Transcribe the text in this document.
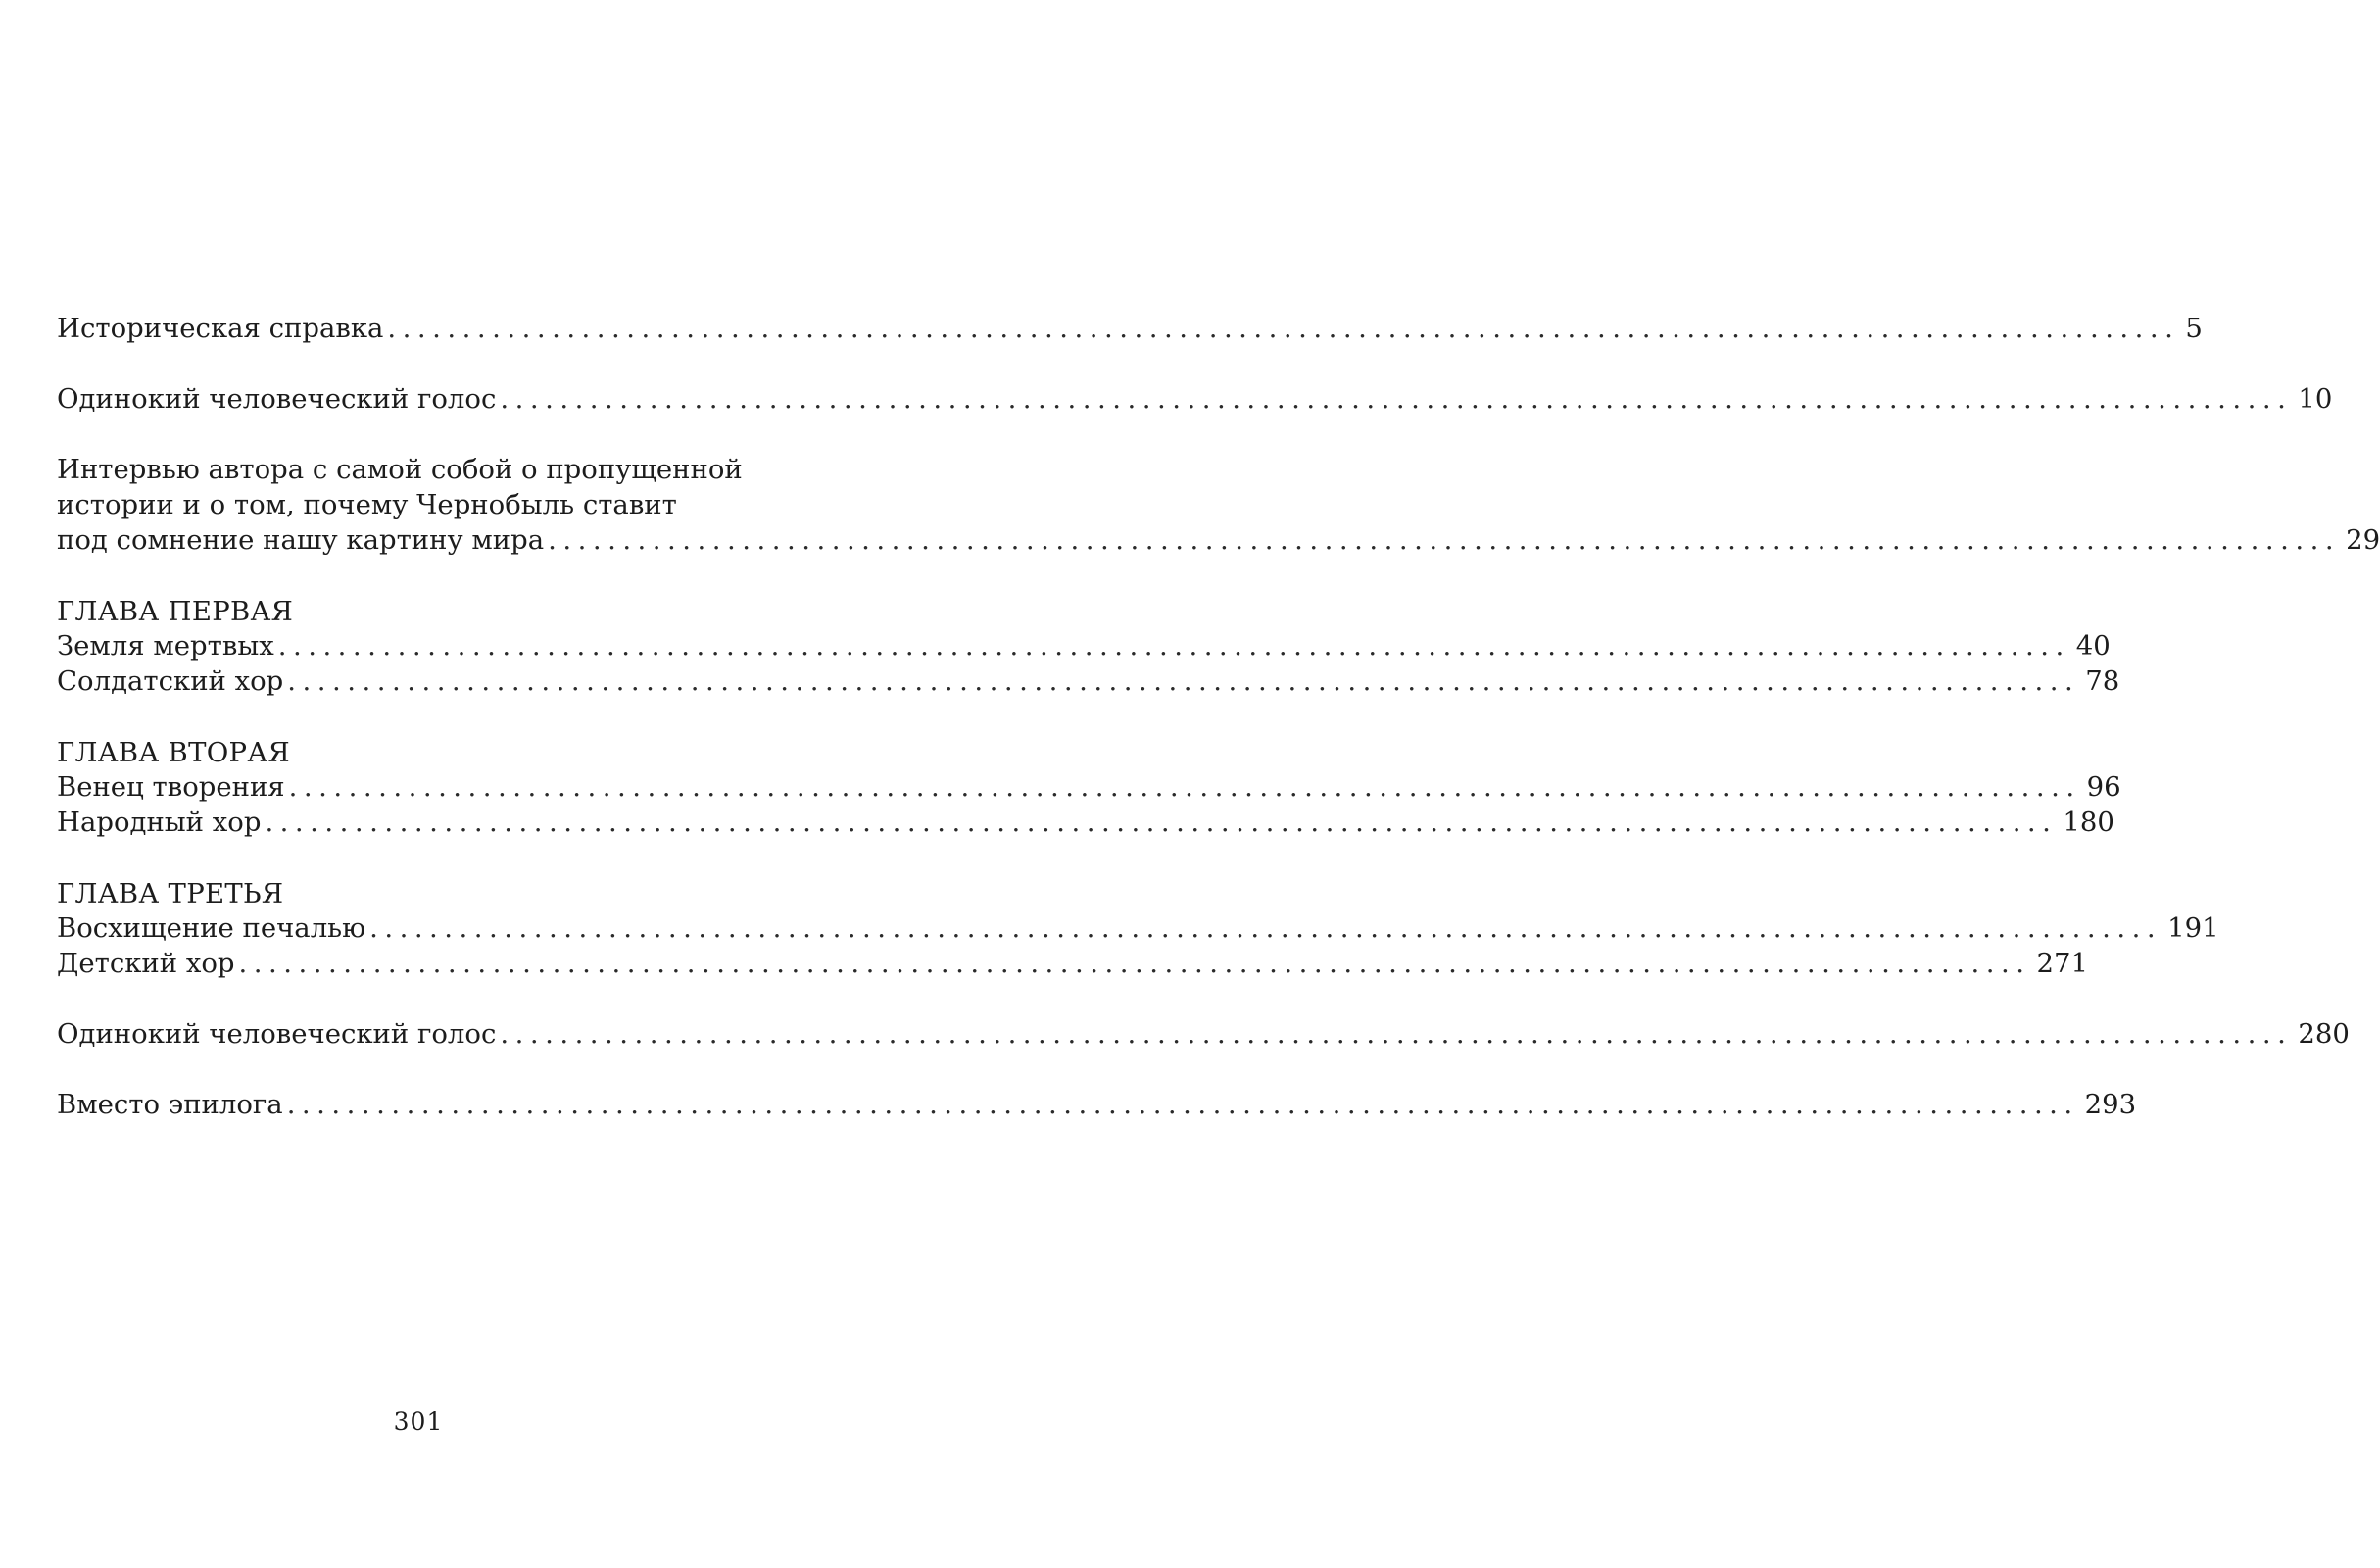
Историческая справка ........................................................................................................................ 5
Одинокий человеческий голос ........................................................................................................................ 10
Интервью автора с самой собой о пропущенной
истории и о том, почему Чернобыль ставит
под сомнение нашу картину мира ........................................................................................................................ 29
ГЛАВА ПЕРВАЯ
Земля мертвых ........................................................................................................................ 40
Солдатский хор ........................................................................................................................ 78
ГЛАВА ВТОРАЯ
Венец творения ........................................................................................................................ 96
Народный хор ........................................................................................................................ 180
ГЛАВА ТРЕТЬЯ
Восхищение печалью ........................................................................................................................ 191
Детский хор ........................................................................................................................ 271
Одинокий человеческий голос ........................................................................................................................ 280
Вместо эпилога ........................................................................................................................ 293
301
